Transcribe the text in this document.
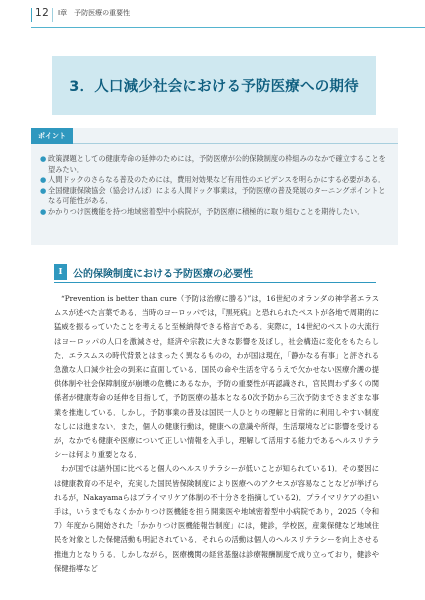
12 Ⅰ章　予防医療の重要性
3．人口減少社会における予防医療への期待
ポイント
● 政策課題としての健康寿命の延伸のためには，予防医療が公的保険制度の枠組みのなかで確立することを望みたい．
● 人間ドックのさらなる普及のためには，費用対効果など有用性のエビデンスを明らかにする必要がある．
● 全国健康保険協会（協会けんぽ）による人間ドック事業は，予防医療の普及発展のターニングポイントとなる可能性がある．
● かかりつけ医機能を持つ地域密着型中小病院が，予防医療に積極的に取り組むことを期待したい．
Ⅰ	公的保険制度における予防医療の必要性

“Prevention is better than cure（予防は治療に勝る）”は，16世紀のオランダの神学者エラスムスが述べた言葉である．当時のヨーロッパでは，『黒死病』と恐れられたペストが各地で周期的に猛威を振るっていたことを考えると至極納得できる格言である．実際に，14世紀のペストの大流行はヨーロッパの人口を激減させ，経済や宗教に大きな影響を及ぼし，社会構造に変化をもたらした．エラスムスの時代背景とはまったく異なるものの，わが国は現在，「静かなる有事」と評される急激な人口減少社会の到来に直面している．国民の命や生活を守るうえで欠かせない医療介護の提供体制や社会保障制度が崩壊の危機にあるなか，予防の重要性が再認識され，官民問わず多くの関係者が健康寿命の延伸を目指して，予防医療の基本となる0次予防から三次予防までさまざまな事業を推進している．しかし，予防事業の普及は国民一人ひとりの理解と日常的に利用しやすい制度なしには進まない．また，個人の健康行動は，健康への意識や所得，生活環境などに影響を受けるが，なかでも健康や医療について正しい情報を入手し，理解して活用する能力であるヘルスリテラシーは何より重要となる．

わが国では諸外国に比べると個人のヘルスリテラシーが低いことが知られている1)．その要因には健康教育の不足や，充実した国民皆保険制度により医療へのアクセスが容易なことなどが挙げられるが，Nakayamaらはプライマリケア体制の不十分さを指摘している2)．プライマリケアの担い手は，いうまでもなくかかりつけ医機能を担う開業医や地域密着型中小病院であり，2025（令和7）年度から開始された「かかりつけ医機能報告制度」には，健診，学校医，産業保健など地域住民を対象とした保健活動も明記されている．それらの活動は個人のヘルスリテラシーを向上させる推進力となりうる．しかしながら，医療機関の経営基盤は診療報酬制度で成り立っており，健診や保健指導など
